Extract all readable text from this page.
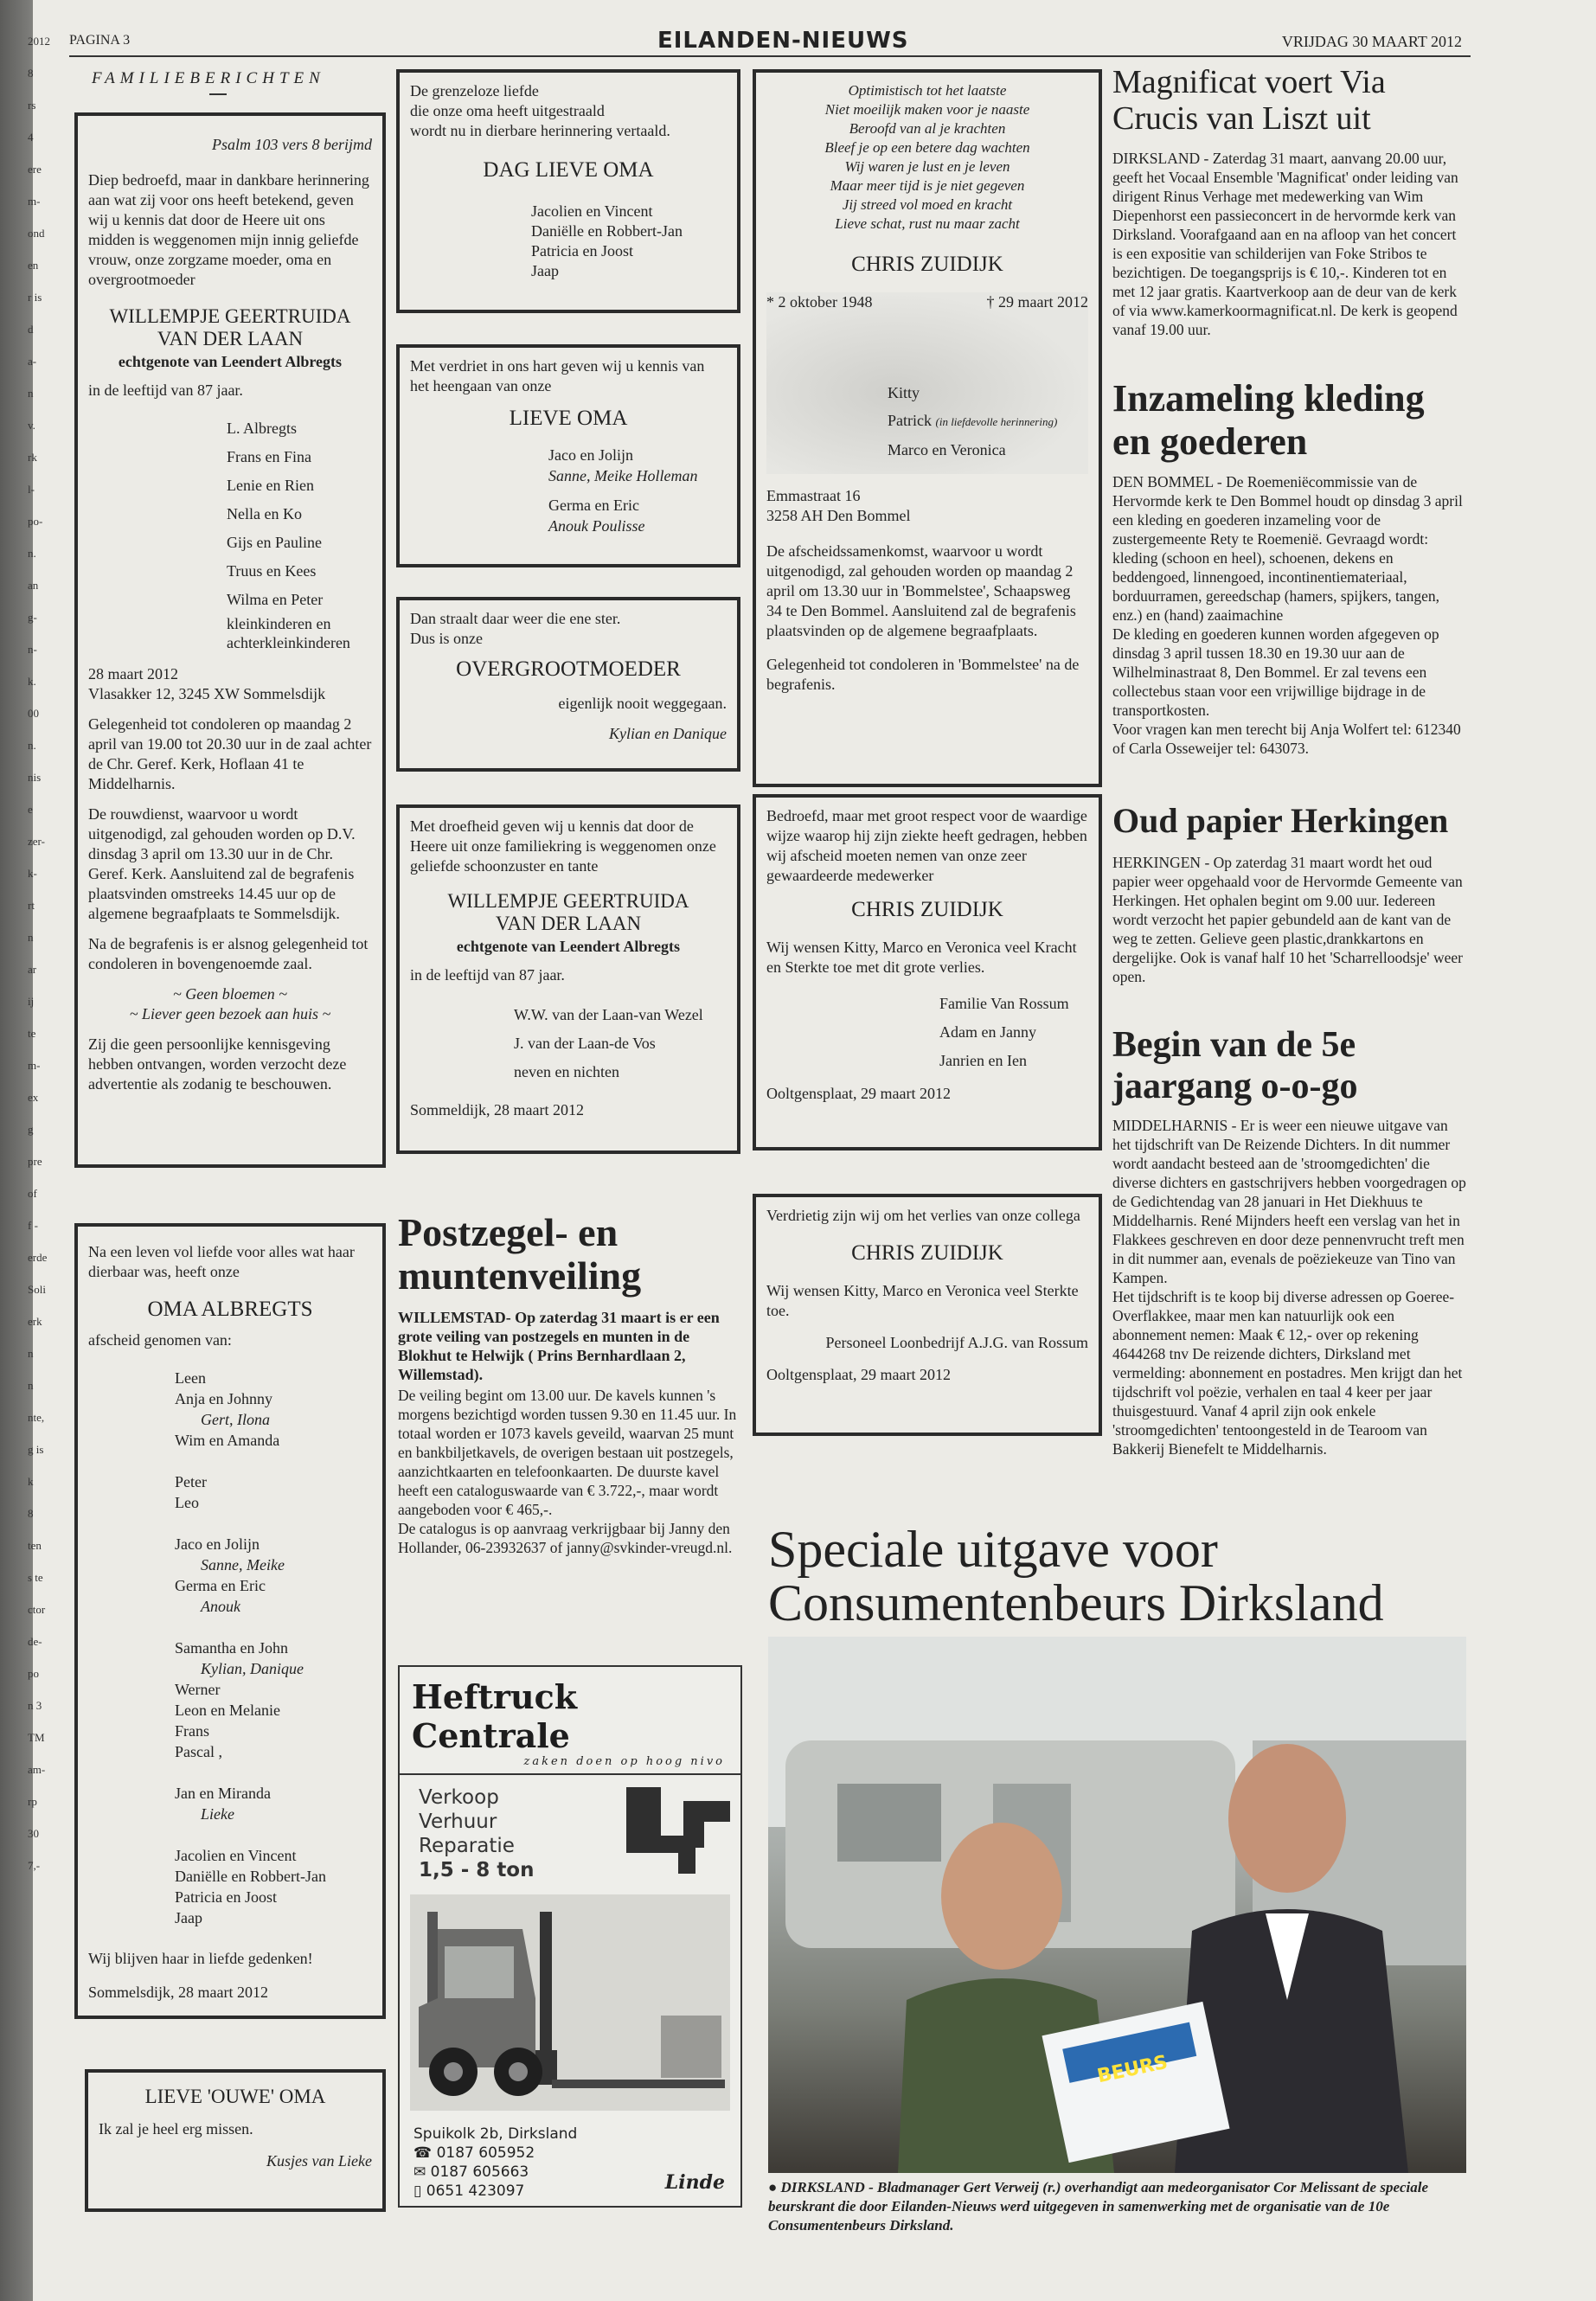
2012
8
rs
4
ere
m-
ond
en
r is
d
a-
n
v.
rk
l-
po-
n.
an
g-
n-
k.
00
n.
nis
e
zer-
k-
rt
n
ar
ij
te
m-
ex
g
pre
of
f -
erde
Soli
erk
n
n
nte,
g is
k
8
ten
s te
ctor
de-
po
n 3
TM
am-
rp
30
7,-
PAGINA 3	EILANDEN-NIEUWS	VRIJDAG 30 MAART 2012
FAMILIEBERICHTEN

Psalm 103 vers 8 berijmd

Diep bedroefd, maar in dankbare herinnering aan wat zij voor ons heeft betekend, geven wij u kennis dat door de Heere uit ons midden is weggenomen mijn innig geliefde vrouw, onze zorgzame moeder, oma en overgrootmoeder

WILLEMPJE GEERTRUIDA
VAN DER LAAN
echtgenote van Leendert Albregts

in de leeftijd van 87 jaar.

L. Albregts
Frans en Fina
Lenie en Rien
Nella en Ko
Gijs en Pauline
Truus en Kees
Wilma en Peter
kleinkinderen en achterkleinkinderen

28 maart 2012

Vlasakker 12, 3245 XW Sommelsdijk

Gelegenheid tot condoleren op maandag 2 april van 19.00 tot 20.30 uur in de zaal achter de Chr. Geref. Kerk, Hoflaan 41 te Middelharnis.

De rouwdienst, waarvoor u wordt uitgenodigd, zal gehouden worden op D.V. dinsdag 3 april om 13.30 uur in de Chr. Geref. Kerk. Aansluitend zal de begrafenis plaatsvinden omstreeks 14.45 uur op de algemene begraafplaats te Sommelsdijk.

Na de begrafenis is er alsnog gelegenheid tot condoleren in bovengenoemde zaal.

~ Geen bloemen ~

~ Liever geen bezoek aan huis ~

Zij die geen persoonlijke kennisgeving hebben ontvangen, worden verzocht deze advertentie als zodanig te beschouwen.

Na een leven vol liefde voor alles wat haar dierbaar was, heeft onze

OMA ALBREGTS

afscheid genomen van:

Leen
Anja en Johnny
Gert, Ilona
Wim en Amanda
Peter
Leo
Jaco en Jolijn
Sanne, Meike
Germa en Eric
Anouk
Samantha en John
Kylian, Danique
Werner
Leon en Melanie
Frans
Pascal ,
Jan en Miranda
Lieke
Jacolien en Vincent
Daniëlle en Robbert-Jan
Patricia en Joost
Jaap

Wij blijven haar in liefde gedenken!

Sommelsdijk, 28 maart 2012

LIEVE 'OUWE' OMA

Ik zal je heel erg missen.

Kusjes van Lieke

De grenzeloze liefde
die onze oma heeft uitgestraald
wordt nu in dierbare herinnering vertaald.
DAG LIEVE OMA
Jacolien en Vincent
Daniëlle en Robbert-Jan
Patricia en Joost
Jaap

Met verdriet in ons hart geven wij u kennis van het heengaan van onze

LIEVE OMA
Jaco en Jolijn
Sanne, Meike Holleman
Germa en Eric
Anouk Poulisse

Dan straalt daar weer die ene ster.

Dus is onze

OVERGROOTMOEDER

eigenlijk nooit weggegaan.

Kylian en Danique

Met droefheid geven wij u kennis dat door de Heere uit onze familiekring is weggenomen onze geliefde schoonzuster en tante

WILLEMPJE GEERTRUIDA
VAN DER LAAN
echtgenote van Leendert Albregts

in de leeftijd van 87 jaar.

W.W. van der Laan-van Wezel
J. van der Laan-de Vos
neven en nichten

Sommeldijk, 28 maart 2012

Postzegel- en muntenveiling

WILLEMSTAD- Op zaterdag 31 maart is er een grote veiling van postzegels en munten in de Blokhut te Helwijk ( Prins Bernhardlaan 2, Willemstad).

De veiling begint om 13.00 uur. De kavels kunnen 's morgens bezichtigd worden tussen 9.30 en 11.45 uur. In totaal worden er 1073 kavels geveild, waarvan 25 munt en bankbiljetkavels, de overigen bestaan uit postzegels, aanzichtkaarten en telefoonkaarten. De duurste kavel heeft een cataloguswaarde van € 3.722,-, maar wordt aangeboden voor € 465,-.

De catalogus is op aanvraag verkrijgbaar bij Janny den Hollander, 06-23932637 of janny@svkinder-vreugd.nl.

Heftruck Centrale
zaken doen op hoog nivo
Verkoop
Verhuur
Reparatie
1,5 - 8 ton
Spuikolk 2b, Dirksland
☎ 0187 605952
✉ 0187 605663
▯ 0651 423097	Linde
Optimistisch tot het laatste
Niet moeilijk maken voor je naaste
Beroofd van al je krachten
Bleef je op een betere dag wachten
Wij waren je lust en je leven
Maar meer tijd is je niet gegeven
Jij streed vol moed en kracht
Lieve schat, rust nu maar zacht
CHRIS ZUIDIJK
* 2 oktober 1948	† 29 maart 2012
Kitty
Patrick (in liefdevolle herinnering)
Marco en Veronica

Emmastraat 16

3258 AH Den Bommel

De afscheidssamenkomst, waarvoor u wordt uitgenodigd, zal gehouden worden op maandag 2 april om 13.30 uur in 'Bommelstee', Schaapsweg 34 te Den Bommel. Aansluitend zal de begrafenis plaatsvinden op de algemene begraafplaats.

Gelegenheid tot condoleren in 'Bommelstee' na de begrafenis.

Bedroefd, maar met groot respect voor de waardige wijze waarop hij zijn ziekte heeft gedragen, hebben wij afscheid moeten nemen van onze zeer gewaardeerde medewerker

CHRIS ZUIDIJK

Wij wensen Kitty, Marco en Veronica veel Kracht en Sterkte toe met dit grote verlies.

Familie Van Rossum
Adam en Janny
Janrien en Ien

Ooltgensplaat, 29 maart 2012

Verdrietig zijn wij om het verlies van onze collega

CHRIS ZUIDIJK

Wij wensen Kitty, Marco en Veronica veel Sterkte toe.

Personeel Loonbedrijf A.J.G. van Rossum

Ooltgensplaat, 29 maart 2012

Magnificat voert Via Crucis van Liszt uit

DIRKSLAND - Zaterdag 31 maart, aanvang 20.00 uur, geeft het Vocaal Ensemble 'Magnificat' onder leiding van dirigent Rinus Verhage met medewerking van Wim Diepenhorst een passieconcert in de hervormde kerk van Dirksland. Voorafgaand aan en na afloop van het concert is een expositie van schilderijen van Foke Stribos te bezichtigen. De toegangsprijs is € 10,-. Kinderen tot en met 12 jaar gratis. Kaartverkoop aan de deur van de kerk of via www.kamerkoormagnificat.nl. De kerk is geopend vanaf 19.00 uur.

Inzameling kleding en goederen

DEN BOMMEL - De Roemeniëcommissie van de Hervormde kerk te Den Bommel houdt op dinsdag 3 april een kleding en goederen inzameling voor de zustergemeente Rety te Roemenië. Gevraagd wordt: kleding (schoon en heel), schoenen, dekens en beddengoed, linnengoed, incontinentiemateriaal, borduurramen, gereedschap (hamers, spijkers, tangen, enz.) en (hand) zaaimachine

De kleding en goederen kunnen worden afgegeven op dinsdag 3 april tussen 18.30 en 19.30 uur aan de Wilhelminastraat 8, Den Bommel. Er zal tevens een collectebus staan voor een vrijwillige bijdrage in de transportkosten.

Voor vragen kan men terecht bij Anja Wolfert tel: 612340 of Carla Osseweijer tel: 643073.

Oud papier Herkingen

HERKINGEN - Op zaterdag 31 maart wordt het oud papier weer opgehaald voor de Hervormde Gemeente van Herkingen. Het ophalen begint om 9.00 uur. Iedereen wordt verzocht het papier gebundeld aan de kant van de weg te zetten. Gelieve geen plastic,drankkartons en dergelijke. Ook is vanaf half 10 het 'Scharrelloodsje' weer open.

Begin van de 5e jaargang o-o-go

MIDDELHARNIS - Er is weer een nieuwe uitgave van het tijdschrift van De Reizende Dichters. In dit nummer wordt aandacht besteed aan de 'stroomgedichten' die diverse dichters en gastschrijvers hebben voorgedragen op de Gedichtendag van 28 januari in Het Diekhuus te Middelharnis. René Mijnders heeft een verslag van het in Flakkees geschreven en door deze pennenvrucht treft men in dit nummer aan, evenals de poëziekeuze van Tino van Kampen.

Het tijdschrift is te koop bij diverse adressen op Goeree-Overflakkee, maar men kan natuurlijk ook een abonnement nemen: Maak € 12,- over op rekening 4644268 tnv De reizende dichters, Dirksland met vermelding: abonnement en postadres. Men krijgt dan het tijdschrift vol poëzie, verhalen en taal 4 keer per jaar thuisgestuurd. Vanaf 4 april zijn ook enkele 'stroomgedichten' tentoongesteld in de Tearoom van Bakkerij Bienefelt te Middelharnis.

Speciale uitgave voor Consumentenbeurs Dirksland
BEURS
● DIRKSLAND - Bladmanager Gert Verweij (r.) overhandigt aan medeorganisator Cor Melissant de speciale beurskrant die door Eilanden-Nieuws werd uitgegeven in samenwerking met de organisatie van de 10e Consumentenbeurs Dirksland.
